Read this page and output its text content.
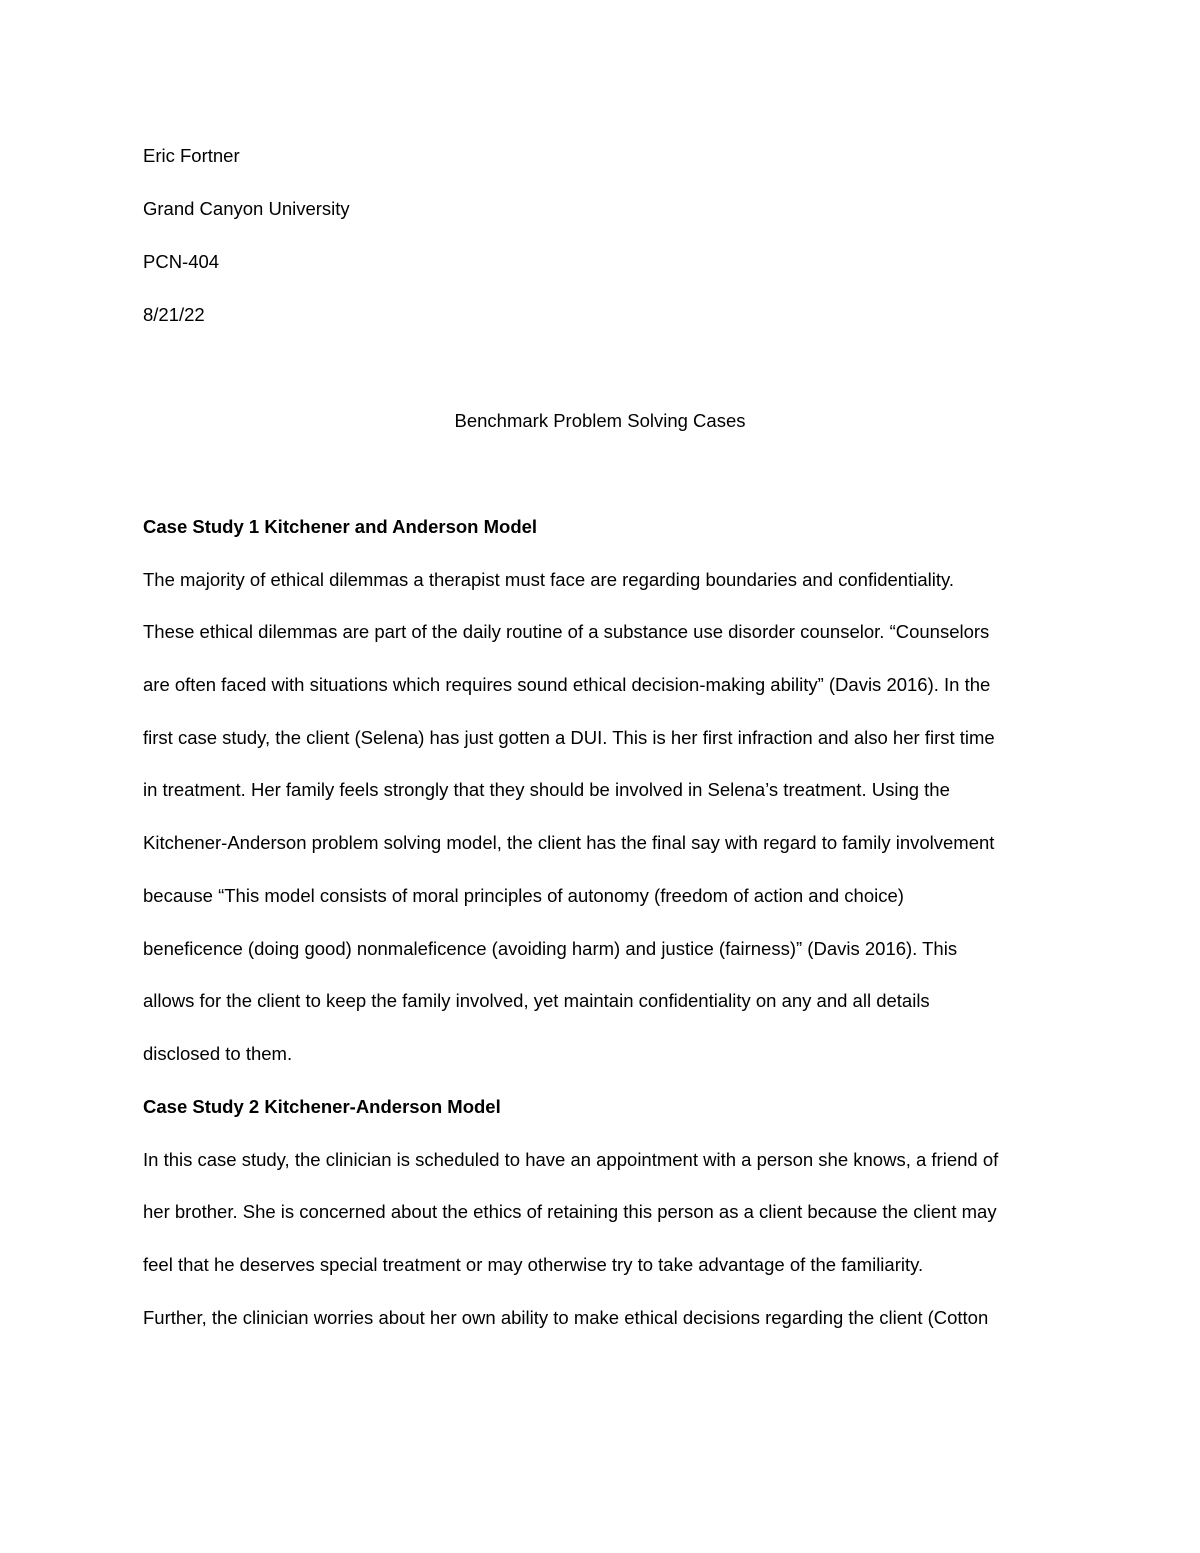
Eric Fortner

Grand Canyon University

PCN-404

8/21/22

Benchmark Problem Solving Cases

Case Study 1 Kitchener and Anderson Model

The majority of ethical dilemmas a therapist must face are regarding boundaries and confidentiality.

These ethical dilemmas are part of the daily routine of a substance use disorder counselor. “Counselors

are often faced with situations which requires sound ethical decision-making ability” (Davis 2016). In the

first case study, the client (Selena) has just gotten a DUI. This is her first infraction and also her first time

in treatment. Her family feels strongly that they should be involved in Selena’s treatment. Using the

Kitchener-Anderson problem solving model, the client has the final say with regard to family involvement

because “This model consists of moral principles of autonomy (freedom of action and choice)

beneficence (doing good) nonmaleficence (avoiding harm) and justice (fairness)” (Davis 2016). This

allows for the client to keep the family involved, yet maintain confidentiality on any and all details

disclosed to them.

Case Study 2 Kitchener-Anderson Model

In this case study, the clinician is scheduled to have an appointment with a person she knows, a friend of

her brother. She is concerned about the ethics of retaining this person as a client because the client may

feel that he deserves special treatment or may otherwise try to take advantage of the familiarity.

Further, the clinician worries about her own ability to make ethical decisions regarding the client (Cotton
